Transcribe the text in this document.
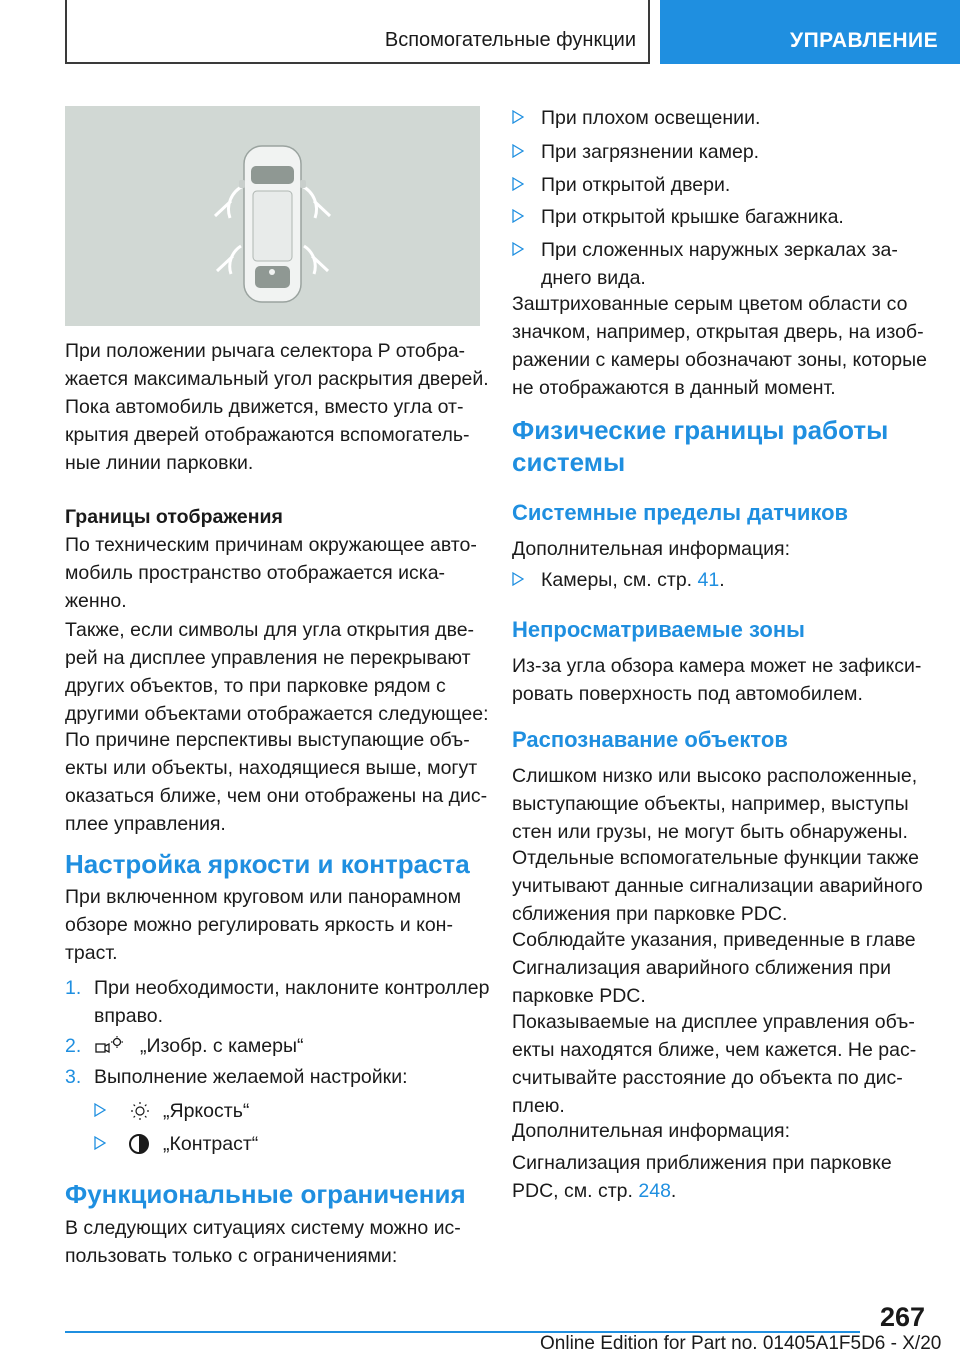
Вспомогательные функции	УПРАВЛЕНИЕ
При положении рычага селектора P отобра-
жается максимальный угол раскрытия дверей.
Пока автомобиль движется, вместо угла от-
крытия дверей отображаются вспомогатель-
ные линии парковки.
Границы отображения
По техническим причинам окружающее авто-
мобиль пространство отображается иска-
женно.
Также, если символы для угла открытия две-
рей на дисплее управления не перекрывают
других объектов, то при парковке рядом с
другими объектами отображается следующее:
По причине перспективы выступающие объ-
екты или объекты, находящиеся выше, могут
оказаться ближе, чем они отображены на дис-
плее управления.
Настройка яркости и контраста
При включенном круговом или панорамном
обзоре можно регулировать яркость и кон-
траст.
1. При необходимости, наклоните контроллер
вправо.
2.	„Изобр. с камеры“
3. Выполнение желаемой настройки:
„Яркость“
„Контраст“
Функциональные ограничения
В следующих ситуациях систему можно ис-
пользовать только с ограничениями:
При плохом освещении.
При загрязнении камер.
При открытой двери.
При открытой крышке багажника.
При сложенных наружных зеркалах за-
днего вида.
Заштрихованные серым цветом области со
значком, например, открытая дверь, на изоб-
ражении с камеры обозначают зоны, которые
не отображаются в данный момент.
Физические границы работы
системы
Системные пределы датчиков
Дополнительная информация:
Камеры, см. стр. 41.
Непросматриваемые зоны
Из-за угла обзора камера может не зафикси-
ровать поверхность под автомобилем.
Распознавание объектов
Слишком низко или высоко расположенные,
выступающие объекты, например, выступы
стен или грузы, не могут быть обнаружены.
Отдельные вспомогательные функции также
учитывают данные сигнализации аварийного
сближения при парковке PDC.
Соблюдайте указания, приведенные в главе
Сигнализация аварийного сближения при
парковке PDC.
Показываемые на дисплее управления объ-
екты находятся ближе, чем кажется. Не рас-
считывайте расстояние до объекта по дис-
плею.
Дополнительная информация:
Сигнализация приближения при парковке
PDC, см. стр. 248.
267
Online Edition for Part no. 01405A1F5D6 - X/20
